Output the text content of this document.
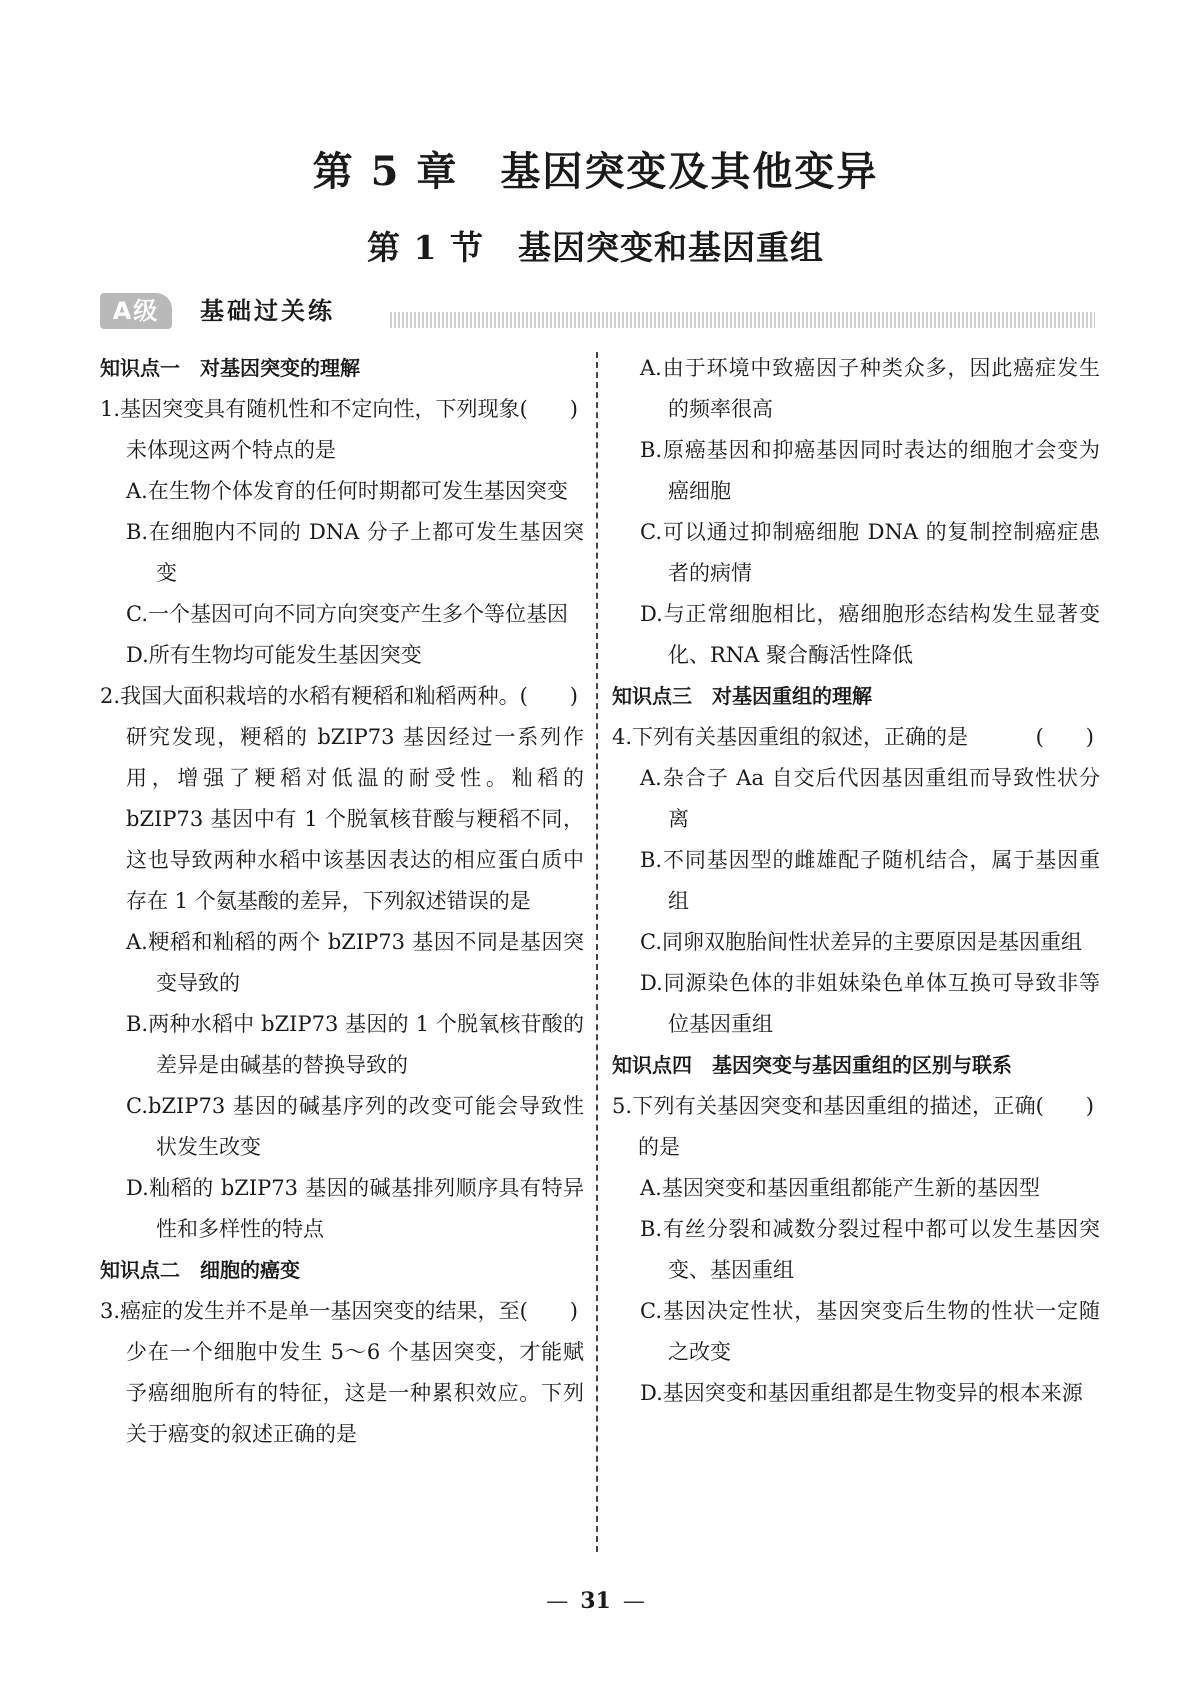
第 5 章　基因突变及其他变异
第 1 节　基因突变和基因重组
A级	基础过关练
知识点一　对基因突变的理解
(　　)
1.基因突变具有随机性和不定向性，下列现象未体现这两个特点的是
A.在生物个体发育的任何时期都可发生基因突变
B.在细胞内不同的 DNA 分子上都可发生基因突变
C.一个基因可向不同方向突变产生多个等位基因
D.所有生物均可能发生基因突变
(　　)
2.我国大面积栽培的水稻有粳稻和籼稻两种。研究发现，粳稻的 bZIP73 基因经过一系列作用，增强了粳稻对低温的耐受性。籼稻的 bZIP73 基因中有 1 个脱氧核苷酸与粳稻不同，这也导致两种水稻中该基因表达的相应蛋白质中存在 1 个氨基酸的差异，下列叙述错误的是
A.粳稻和籼稻的两个 bZIP73 基因不同是基因突变导致的
B.两种水稻中 bZIP73 基因的 1 个脱氧核苷酸的差异是由碱基的替换导致的
C.bZIP73 基因的碱基序列的改变可能会导致性状发生改变
D.籼稻的 bZIP73 基因的碱基排列顺序具有特异性和多样性的特点
知识点二　细胞的癌变
(　　)
3.癌症的发生并不是单一基因突变的结果，至少在一个细胞中发生 5～6 个基因突变，才能赋予癌细胞所有的特征，这是一种累积效应。下列关于癌变的叙述正确的是
A.由于环境中致癌因子种类众多，因此癌症发生的频率很高
B.原癌基因和抑癌基因同时表达的细胞才会变为癌细胞
C.可以通过抑制癌细胞 DNA 的复制控制癌症患者的病情
D.与正常细胞相比，癌细胞形态结构发生显著变化、RNA 聚合酶活性降低
知识点三　对基因重组的理解
(　　)
4.下列有关基因重组的叙述，正确的是
A.杂合子 Aa 自交后代因基因重组而导致性状分离
B.不同基因型的雌雄配子随机结合，属于基因重组
C.同卵双胞胎间性状差异的主要原因是基因重组
D.同源染色体的非姐妹染色单体互换可导致非等位基因重组
知识点四　基因突变与基因重组的区别与联系
(　　)
5.下列有关基因突变和基因重组的描述，正确的是
A.基因突变和基因重组都能产生新的基因型
B.有丝分裂和减数分裂过程中都可以发生基因突变、基因重组
C.基因决定性状，基因突变后生物的性状一定随之改变
D.基因突变和基因重组都是生物变异的根本来源
— 31 —
